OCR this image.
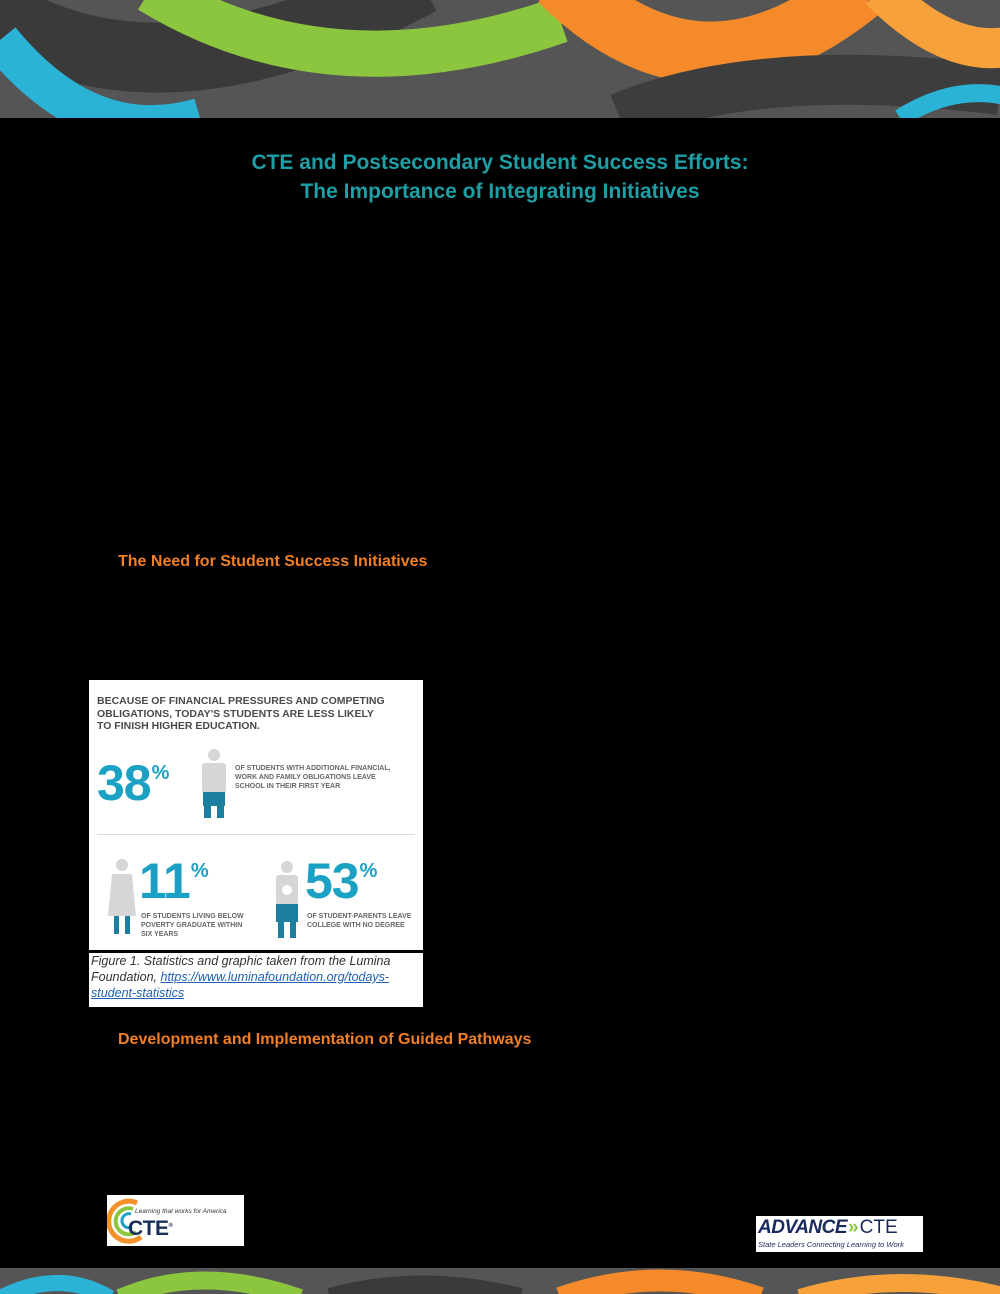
CTE and Postsecondary Student Success Efforts:
The Importance of Integrating Initiatives
The Need for Student Success Initiatives
BECAUSE OF FINANCIAL PRESSURES AND COMPETING
OBLIGATIONS, TODAY'S STUDENTS ARE LESS LIKELY
TO FINISH HIGHER EDUCATION.
38%	OF STUDENTS WITH ADDITIONAL FINANCIAL,
WORK AND FAMILY OBLIGATIONS LEAVE
SCHOOL IN THEIR FIRST YEAR
11%
OF STUDENTS LIVING BELOW
POVERTY GRADUATE WITHIN
SIX YEARS
53%
OF STUDENT-PARENTS LEAVE
COLLEGE WITH NO DEGREE
Figure 1. Statistics and graphic taken from the Lumina
Foundation, https://www.luminafoundation.org/todays-
student-statistics
Development and Implementation of Guided Pathways
Learning that works for America
CTE®	ADVANCE»CTE
State Leaders Connecting Learning to Work
